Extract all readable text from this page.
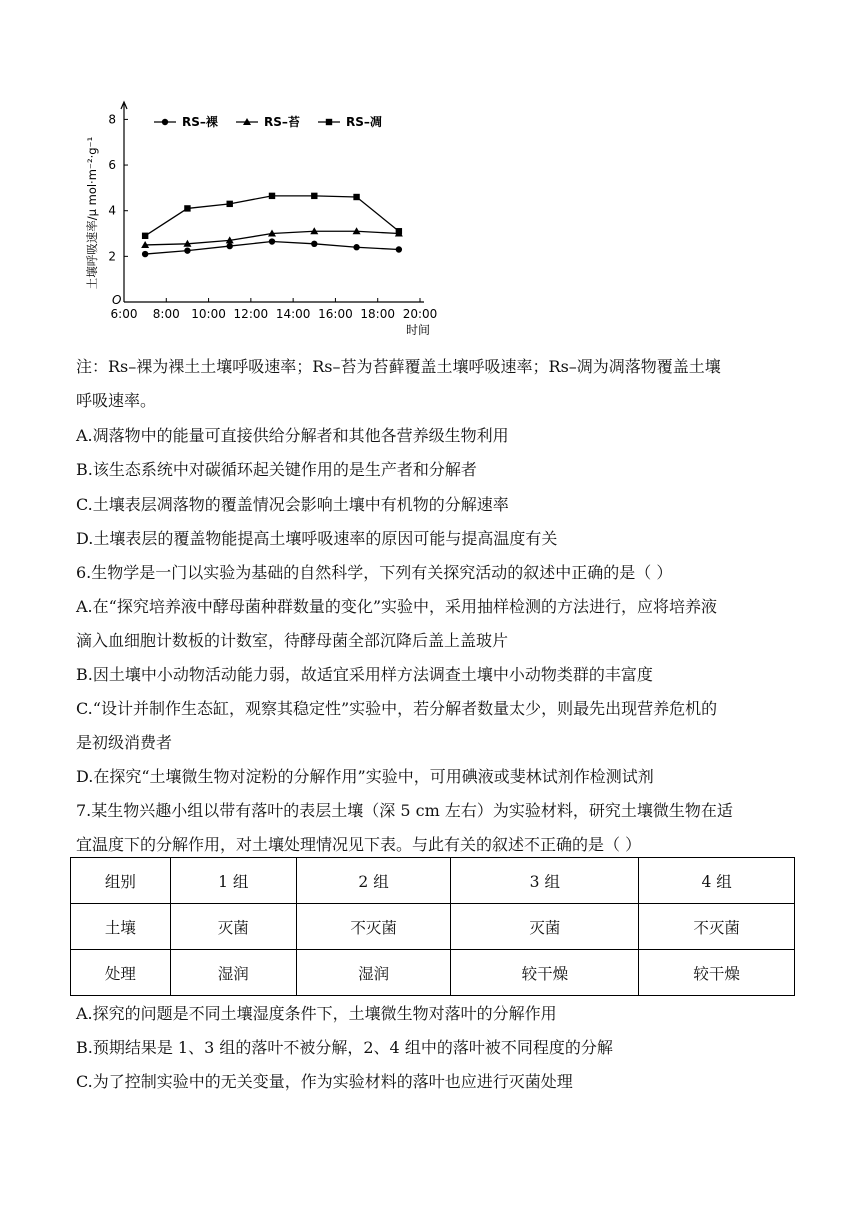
O
2
4
6
8
6:00 8:00 10:00 12:00 14:00 16:00 18:00 20:00
时间
土壤呼吸速率/μ mol·m⁻²·g⁻¹
RS–裸	RS–苔	RS–凋
注：Rs–裸为裸土土壤呼吸速率；Rs–苔为苔藓覆盖土壤呼吸速率；Rs–凋为凋落物覆盖土壤
呼吸速率。
A.凋落物中的能量可直接供给分解者和其他各营养级生物利用
B.该生态系统中对碳循环起关键作用的是生产者和分解者
C.土壤表层凋落物的覆盖情况会影响土壤中有机物的分解速率
D.土壤表层的覆盖物能提高土壤呼吸速率的原因可能与提高温度有关
6.生物学是一门以实验为基础的自然科学，下列有关探究活动的叙述中正确的是（ ）
A.在“探究培养液中酵母菌种群数量的变化”实验中，采用抽样检测的方法进行，应将培养液
滴入血细胞计数板的计数室，待酵母菌全部沉降后盖上盖玻片
B.因土壤中小动物活动能力弱，故适宜采用样方法调查土壤中小动物类群的丰富度
C.“设计并制作生态缸，观察其稳定性”实验中，若分解者数量太少，则最先出现营养危机的
是初级消费者
D.在探究“土壤微生物对淀粉的分解作用”实验中，可用碘液或斐林试剂作检测试剂
7.某生物兴趣小组以带有落叶的表层土壤（深 5 cm 左右）为实验材料，研究土壤微生物在适
宜温度下的分解作用，对土壤处理情况见下表。与此有关的叙述不正确的是（ ）
组别	1 组	2 组	3 组	4 组
土壤	灭菌	不灭菌	灭菌	不灭菌
处理	湿润	湿润	较干燥	较干燥
A.探究的问题是不同土壤湿度条件下，土壤微生物对落叶的分解作用
B.预期结果是 1、3 组的落叶不被分解，2、4 组中的落叶被不同程度的分解
C.为了控制实验中的无关变量，作为实验材料的落叶也应进行灭菌处理
